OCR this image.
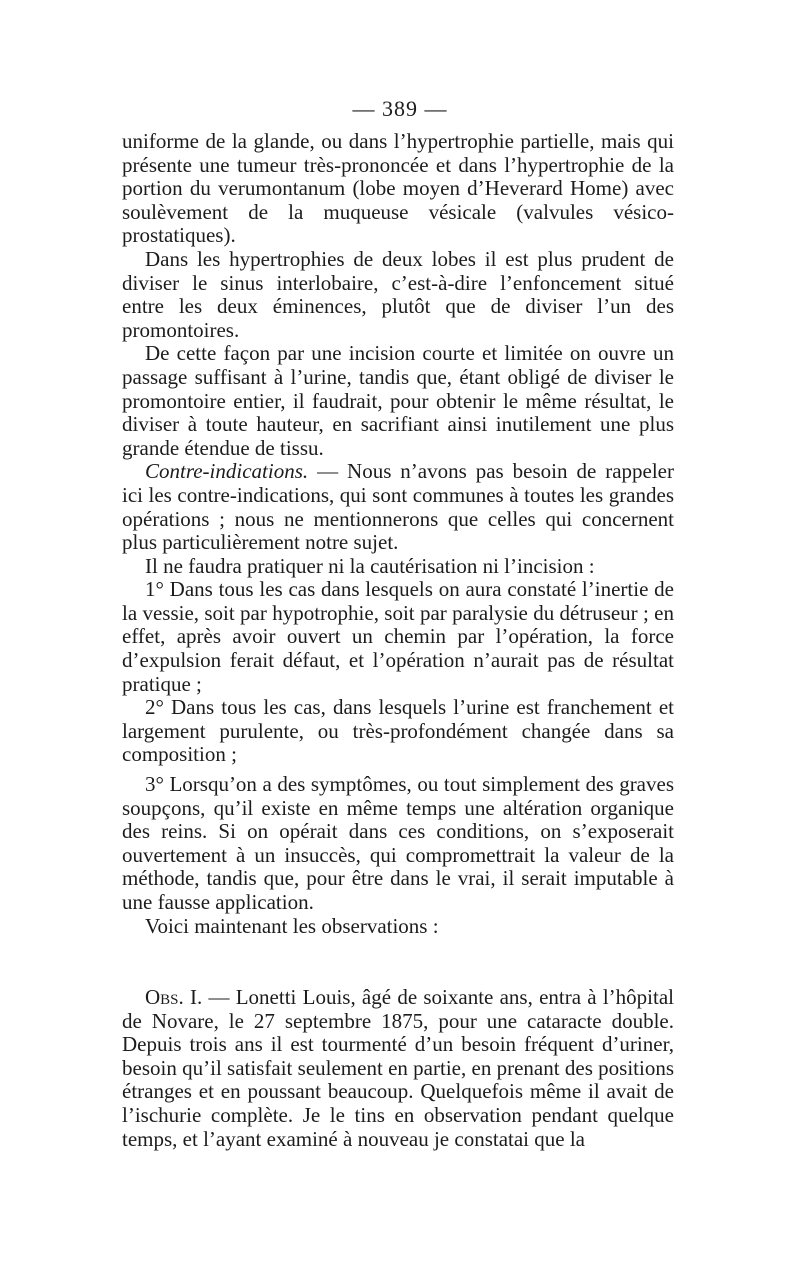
— 389 —

uniforme de la glande, ou dans l’hypertrophie partielle, mais qui présente une tumeur très-prononcée et dans l’hypertrophie de la portion du verumontanum (lobe moyen d’Heverard Home) avec soulèvement de la muqueuse vésicale (valvules vésico-prostatiques).

Dans les hypertrophies de deux lobes il est plus prudent de diviser le sinus interlobaire, c’est-à-dire l’enfoncement situé entre les deux éminences, plutôt que de diviser l’un des promontoires.

De cette façon par une incision courte et limitée on ouvre un passage suffisant à l’urine, tandis que, étant obligé de diviser le promontoire entier, il faudrait, pour obtenir le même résultat, le diviser à toute hauteur, en sacrifiant ainsi inutilement une plus grande étendue de tissu.

Contre-indications. — Nous n’avons pas besoin de rappeler ici les contre-indications, qui sont communes à toutes les grandes opérations ; nous ne mentionnerons que celles qui concernent plus particulièrement notre sujet.

Il ne faudra pratiquer ni la cautérisation ni l’incision :

1° Dans tous les cas dans lesquels on aura constaté l’inertie de la vessie, soit par hypotrophie, soit par paralysie du détruseur ; en effet, après avoir ouvert un chemin par l’opération, la force d’expulsion ferait défaut, et l’opération n’aurait pas de résultat pratique ;

2° Dans tous les cas, dans lesquels l’urine est franchement et largement purulente, ou très-profondément changée dans sa composition ;

3° Lorsqu’on a des symptômes, ou tout simplement des graves soupçons, qu’il existe en même temps une altération organique des reins. Si on opérait dans ces conditions, on s’exposerait ouvertement à un insuccès, qui compromettrait la valeur de la méthode, tandis que, pour être dans le vrai, il serait imputable à une fausse application.

Voici maintenant les observations :

Obs. I. — Lonetti Louis, âgé de soixante ans, entra à l’hôpital de Novare, le 27 septembre 1875, pour une cataracte double. Depuis trois ans il est tourmenté d’un besoin fréquent d’uriner, besoin qu’il satisfait seulement en partie, en prenant des positions étranges et en poussant beaucoup. Quelquefois même il avait de l’ischurie complète. Je le tins en observation pendant quelque temps, et l’ayant examiné à nouveau je constatai que la
